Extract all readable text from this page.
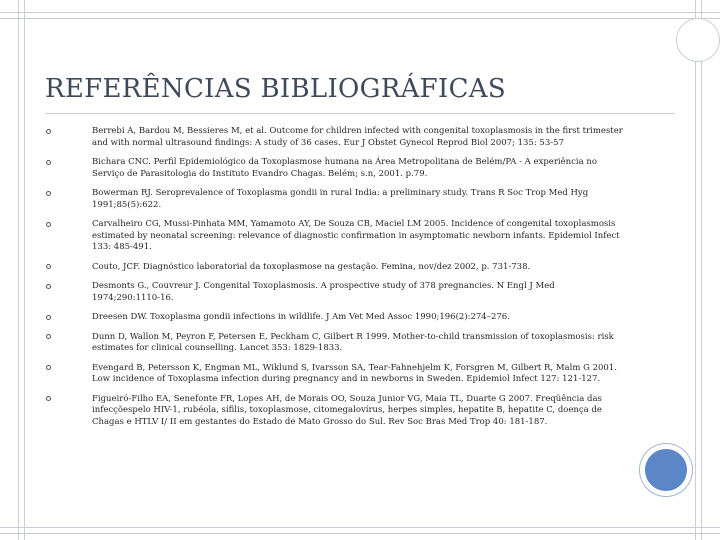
REFERÊNCIAS BIBLIOGRÁFICAS
Berrebi A, Bardou M, Bessieres M, et al. Outcome for children infected with congenital toxoplasmosis in the first trimester and with normal ultrasound findings: A study of 36 cases. Eur J Obstet Gynecol Reprod Biol 2007; 135: 53-57
Bichara CNC. Perfil Epidemiológico da Toxoplasmose humana na Área Metropolitana de Belém/PA - A experiência no Serviço de Parasitologia do Instituto Evandro Chagas. Belém; s.n, 2001. p.79.
Bowerman RJ. Seroprevalence of Toxoplasma gondii in rural India: a preliminary study. Trans R Soc Trop Med Hyg 1991;85(5):622.
Carvalheiro CG, Mussi-Pinhata MM, Yamamoto AY, De Souza CB, Maciel LM 2005. Incidence of congenital toxoplasmosis estimated by neonatal screening: relevance of diagnostic confirmation in asymptomatic newborn infants. Epidemiol Infect 133: 485-491.
Couto, JCF. Diagnóstico laboratorial da toxoplasmose na gestação. Femina, nov/dez 2002, p. 731-738.
Desmonts G., Couvreur J. Congenital Toxoplasmosis. A prospective study of 378 pregnancies. N Engl J Med 1974;290:1110-16.
Dreesen DW. Toxoplasma gondii infections in wildlife. J Am Vet Med Assoc 1990;196(2):274–276.
Dunn D, Wallon M, Peyron F, Petersen E, Peckham C, Gilbert R 1999. Mother-to-child transmission of toxoplasmosis: risk estimates for clinical counselling. Lancet 353: 1829-1833.
Evengard B, Petersson K, Engman ML, Wiklund S, Ivarsson SA, Tear-Fahnehjelm K, Forsgren M, Gilbert R, Malm G 2001. Low incidence of Toxoplasma infection during pregnancy and in newborns in Sweden. Epidemiol Infect 127: 121-127.
Figueiró-Filho EA, Senefonte FR, Lopes AH, de Morais OO, Souza Junior VG, Maia TL, Duarte G 2007. Freqüência das infecçõespelo HIV-1, rubéola, sífilis, toxoplasmose, citomegalovírus, herpes simples, hepatite B, hepatite C, doença de Chagas e HTLV I/ II em gestantes do Estado de Mato Grosso do Sul. Rev Soc Bras Med Trop 40: 181-187.
